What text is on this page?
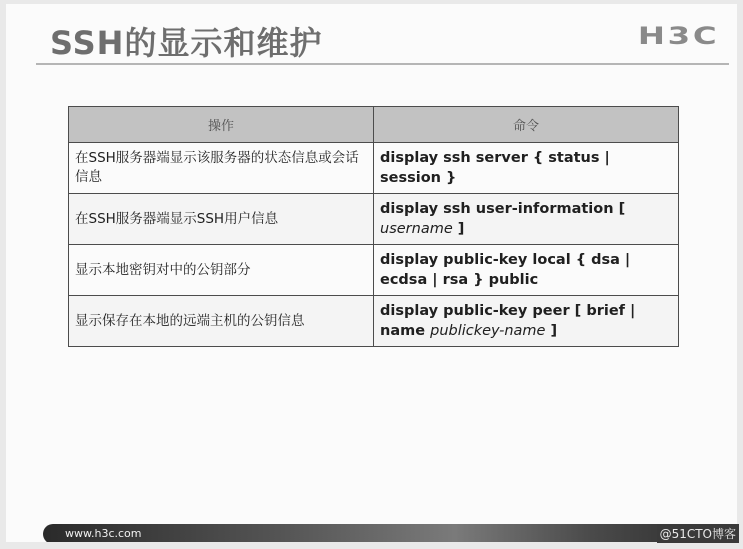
SSH的显示和维护	H3C
操作	命令
在SSH服务器端显示该服务器的状态信息或会话信息	display ssh server { status | session }
在SSH服务器端显示SSH用户信息	display ssh user-information [ username ]
显示本地密钥对中的公钥部分	display public-key local { dsa | ecdsa | rsa } public
显示保存在本地的远端主机的公钥信息	display public-key peer [ brief | name publickey-name ]
www.h3c.com	@51CTO博客
